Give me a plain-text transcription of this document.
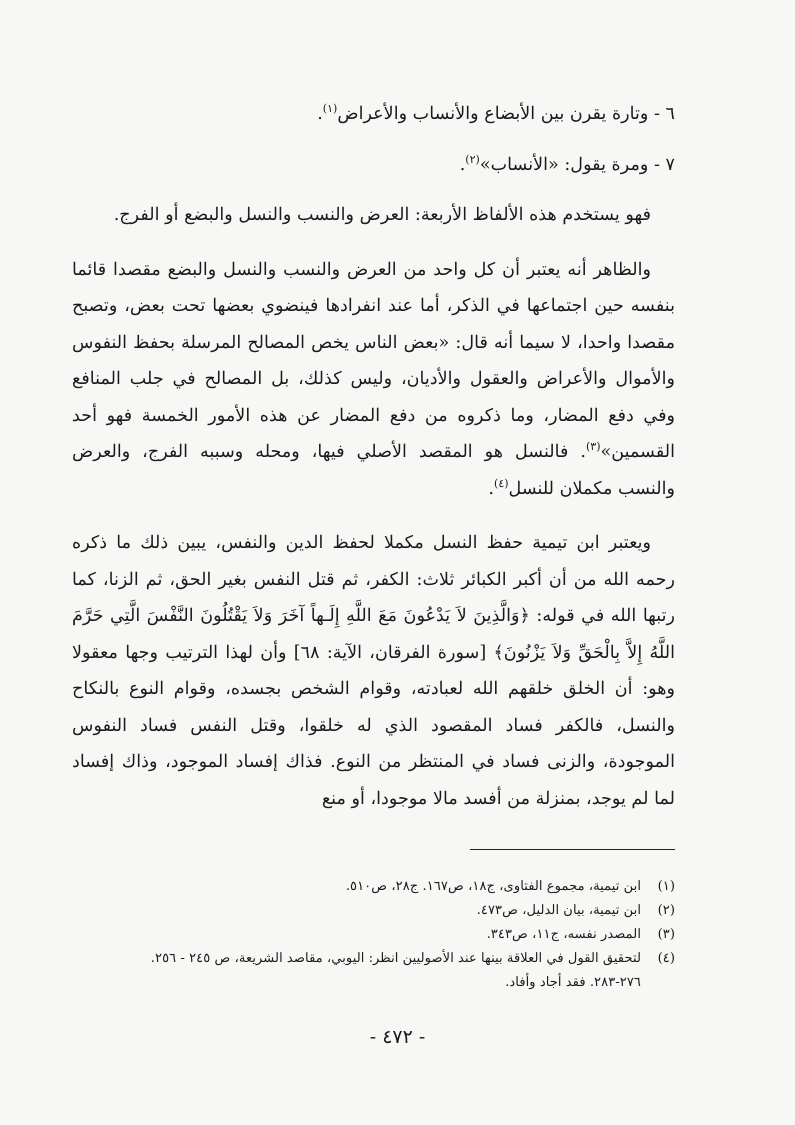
٦ - وتارة يقرن بين الأبضاع والأنساب والأعراض$^{(١)}$.

٧ - ومرة يقول: «الأنساب»$^{(٢)}$.

فهو يستخدم هذه الألفاظ الأربعة: العرض والنسب والنسل والبضع أو الفرج.

والظاهر أنه يعتبر أن كل واحد من العرض والنسب والنسل والبضع مقصدا قائما بنفسه حين اجتماعها في الذكر، أما عند انفرادها فينضوي بعضها تحت بعض، وتصبح مقصدا واحدا، لا سيما أنه قال: «بعض الناس يخص المصالح المرسلة بحفظ النفوس والأموال والأعراض والعقول والأديان، وليس كذلك، بل المصالح في جلب المنافع وفي دفع المضار، وما ذكروه من دفع المضار عن هذه الأمور الخمسة فهو أحد القسمين»$^{(٣)}$. فالنسل هو المقصد الأصلي فيها، ومحله وسببه الفرج، والعرض والنسب مكملان للنسل$^{(٤)}$.

ويعتبر ابن تيمية حفظ النسل مكملا لحفظ الدين والنفس، يبين ذلك ما ذكره رحمه الله من أن أكبر الكبائر ثلاث: الكفر، ثم قتل النفس بغير الحق، ثم الزنا، كما رتبها الله في قوله: ﴿وَالَّذِينَ لاَ يَدْعُونَ مَعَ اللَّهِ إِلَـهاً آخَرَ وَلاَ يَقْتُلُونَ النَّفْسَ الَّتِي حَرَّمَ اللَّهُ إِلاَّ بِالْحَقِّ وَلاَ يَزْنُونَ﴾ [سورة الفرقان، الآية: ٦٨] وأن لهذا الترتيب وجها معقولا وهو: أن الخلق خلقهم الله لعبادته، وقوام الشخص بجسده، وقوام النوع بالنكاح والنسل، فالكفر فساد المقصود الذي له خلقوا، وقتل النفس فساد النفوس الموجودة، والزنى فساد في المنتظر من النوع. فذاك إفساد الموجود، وذاك إفساد لما لم يوجد، بمنزلة من أفسد مالا موجودا، أو منع

(١)
ابن تيمية، مجموع الفتاوى، ج١٨، ص١٦٧. ج٢٨، ص٥١٠.

(٢)
ابن تيمية، بيان الدليل، ص٤٧٣.

(٣)
المصدر نفسه، ج١١، ص٣٤٣.

(٤)
لتحقيق القول في العلاقة بينها عند الأصوليين انظر: اليوبي، مقاصد الشريعة، ص ٢٤٥ - ٢٥٦. ٢٧٦-٢٨٣. فقد أجاد وأفاد.

- ٤٧٢ -
